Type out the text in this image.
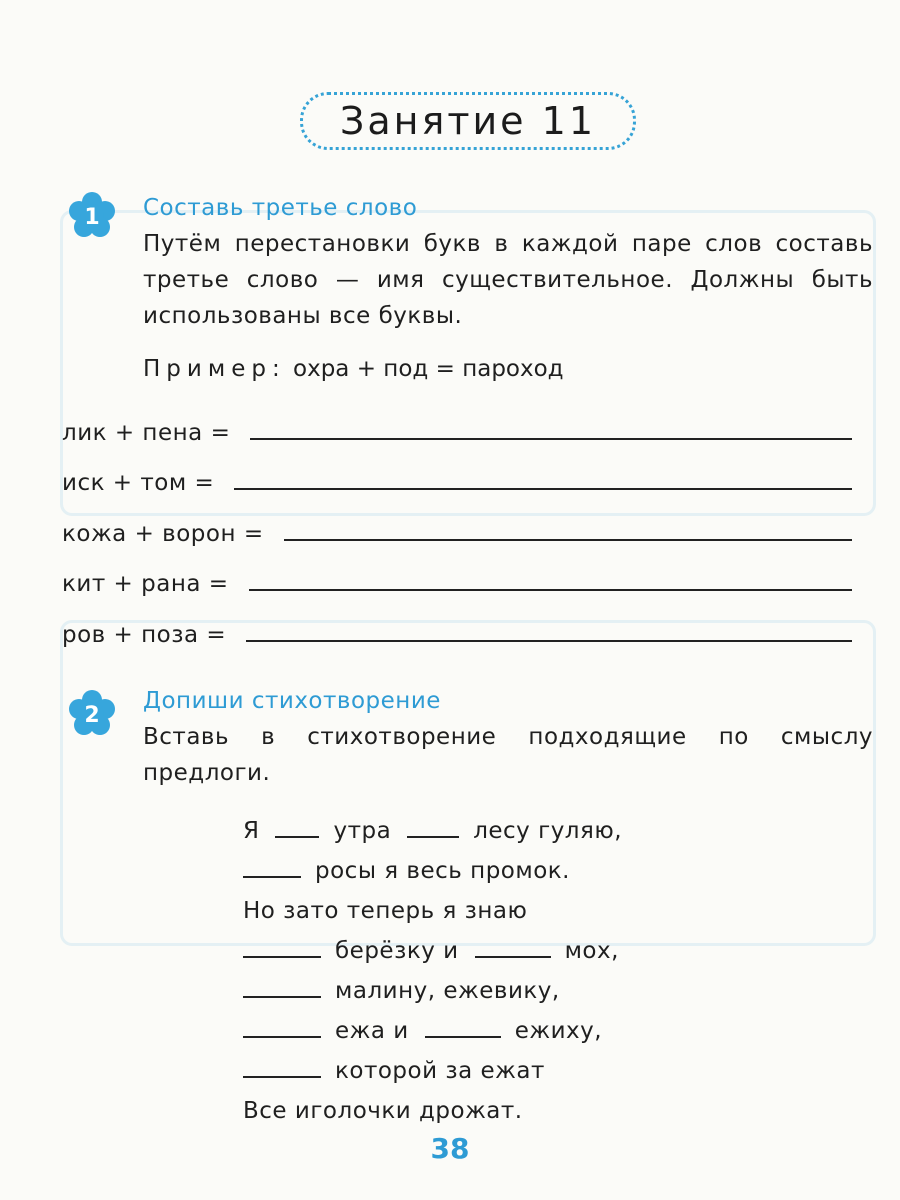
Занятие 11
1 Составь третье слово
Путём перестановки букв в каждой паре слов составь третье слово — имя существительное. Должны быть использованы все буквы.
Пример: охра + под = пароход
лик + пена =
иск + том =
кожа + ворон =
кит + рана =
ров + поза =
2
Допиши стихотворение
Вставь в стихотворение подходящие по смыслу предлоги.
Я	утра	лесу гуляю,
росы я весь промок.
Но зато теперь я знаю
берёзку и	мох,
малину, ежевику,
ежа и	ежиху,
которой за ежат
Все иголочки дрожат.
38
